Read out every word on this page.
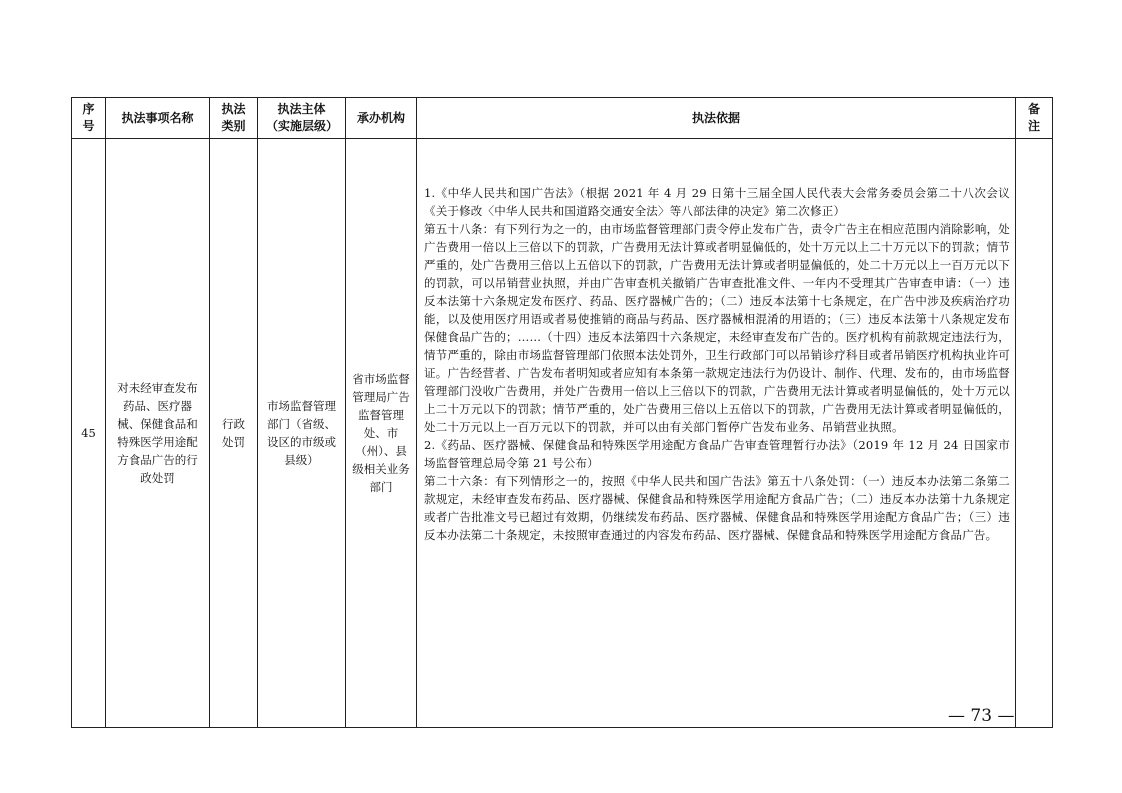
序号	执法事项名称	执法类别	执法主体（实施层级）	承办机构	执法依据	备注
45	对未经审查发布药品、医疗器械、保健食品和特殊医学用途配方食品广告的行政处罚	行政处罚	市场监督管理部门（省级、设区的市级或县级）	省市场监督管理局广告监督管理处、市（州）、县级相关业务部门	1.《中华人民共和国广告法》（根据 2021 年 4 月 29 日第十三届全国人民代表大会常务委员会第二十八次会议《关于修改〈中华人民共和国道路交通安全法〉等八部法律的决定》第二次修正）

第五十八条：有下列行为之一的，由市场监督管理部门责令停止发布广告，责令广告主在相应范围内消除影响，处广告费用一倍以上三倍以下的罚款，广告费用无法计算或者明显偏低的，处十万元以上二十万元以下的罚款；情节严重的，处广告费用三倍以上五倍以下的罚款，广告费用无法计算或者明显偏低的，处二十万元以上一百万元以下的罚款，可以吊销营业执照，并由广告审查机关撤销广告审查批准文件、一年内不受理其广告审查申请：（一）违反本法第十六条规定发布医疗、药品、医疗器械广告的；（二）违反本法第十七条规定，在广告中涉及疾病治疗功能，以及使用医疗用语或者易使推销的商品与药品、医疗器械相混淆的用语的；（三）违反本法第十八条规定发布保健食品广告的；……（十四）违反本法第四十六条规定，未经审查发布广告的。医疗机构有前款规定违法行为，情节严重的，除由市场监督管理部门依照本法处罚外，卫生行政部门可以吊销诊疗科目或者吊销医疗机构执业许可证。广告经营者、广告发布者明知或者应知有本条第一款规定违法行为仍设计、制作、代理、发布的，由市场监督管理部门没收广告费用，并处广告费用一倍以上三倍以下的罚款，广告费用无法计算或者明显偏低的，处十万元以上二十万元以下的罚款；情节严重的，处广告费用三倍以上五倍以下的罚款，广告费用无法计算或者明显偏低的，处二十万元以上一百万元以下的罚款，并可以由有关部门暂停广告发布业务、吊销营业执照。

2.《药品、医疗器械、保健食品和特殊医学用途配方食品广告审查管理暂行办法》（2019 年 12 月 24 日国家市场监督管理总局令第 21 号公布）

第二十六条：有下列情形之一的，按照《中华人民共和国广告法》第五十八条处罚：（一）违反本办法第二条第二款规定，未经审查发布药品、医疗器械、保健食品和特殊医学用途配方食品广告；（二）违反本办法第十九条规定或者广告批准文号已超过有效期，仍继续发布药品、医疗器械、保健食品和特殊医学用途配方食品广告；（三）违反本办法第二十条规定，未按照审查通过的内容发布药品、医疗器械、保健食品和特殊医学用途配方食品广告。	

— 73 —
